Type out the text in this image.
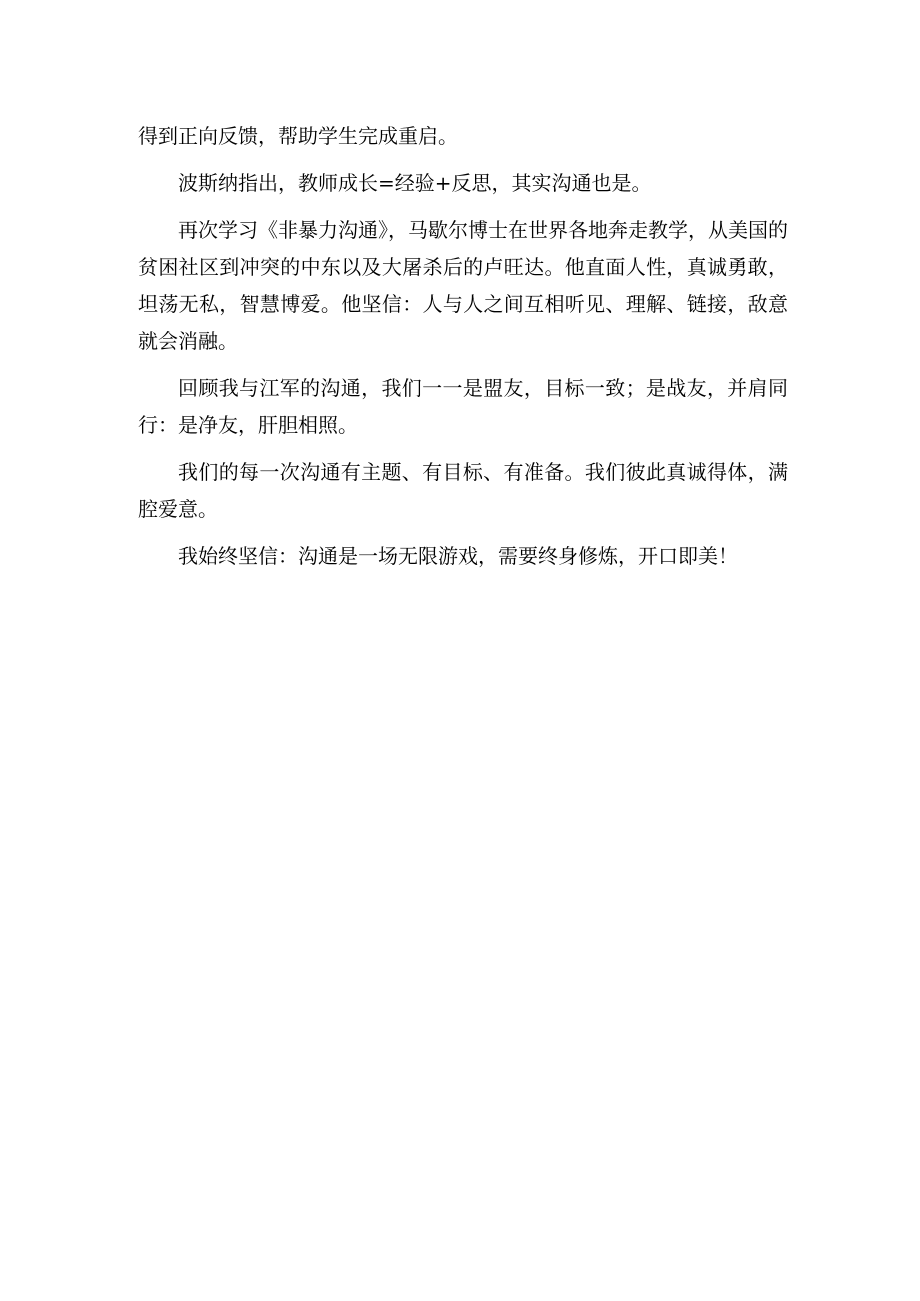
得到正向反馈，帮助学生完成重启。

波斯纳指出，教师成长=经验+反思，其实沟通也是。

再次学习《非暴力沟通》，马歇尔博士在世界各地奔走教学，从美国的贫困社区到冲突的中东以及大屠杀后的卢旺达。他直面人性，真诚勇敢，坦荡无私，智慧博爱。他坚信：人与人之间互相听见、理解、链接，敌意就会消融。

回顾我与江军的沟通，我们一一是盟友，目标一致；是战友，并肩同行：是净友，肝胆相照。

我们的每一次沟通有主题、有目标、有准备。我们彼此真诚得体，满腔爱意。

我始终坚信：沟通是一场无限游戏，需要终身修炼，开口即美！
